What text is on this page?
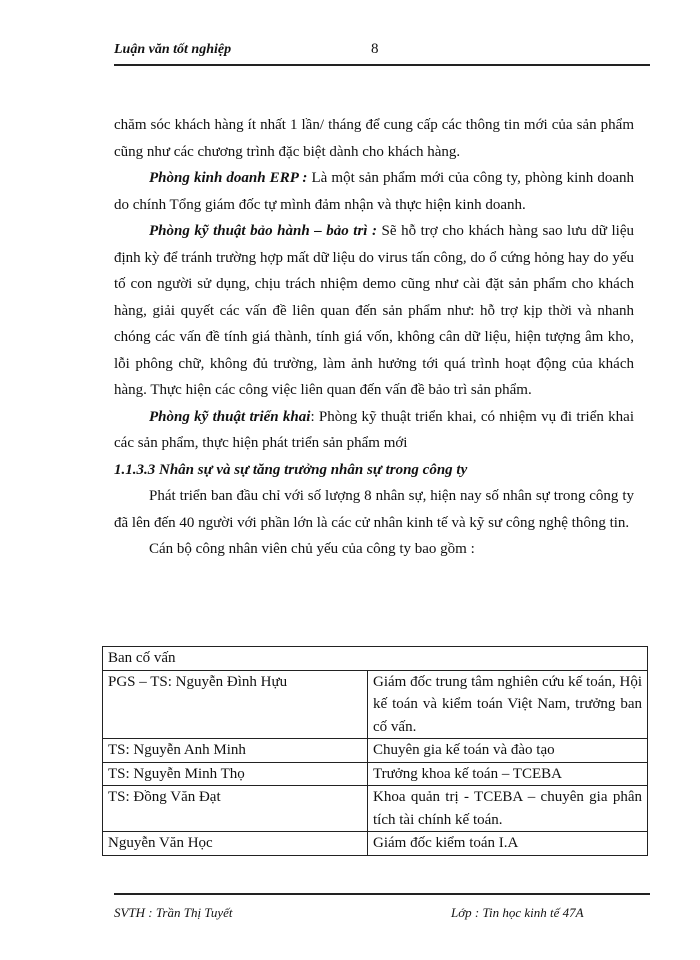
Luận văn tốt nghiệp	8

chăm sóc khách hàng ít nhất 1 lần/ tháng để cung cấp các thông tin mới của sản phẩm cũng như các chương trình đặc biệt dành cho khách hàng.

Phòng kinh doanh ERP : Là một sản phẩm mới của công ty, phòng kinh doanh do chính Tổng giám đốc tự mình đảm nhận và thực hiện kinh doanh.

Phòng kỹ thuật bảo hành – bảo trì : Sẽ hỗ trợ cho khách hàng sao lưu dữ liệu định kỳ để tránh trường hợp mất dữ liệu do virus tấn công, do ổ cứng hỏng hay do yếu tố con người sử dụng, chịu trách nhiệm demo cũng như cài đặt sản phẩm cho khách hàng, giải quyết các vấn đề liên quan đến sản phẩm như: hỗ trợ kịp thời và nhanh chóng các vấn đề tính giá thành, tính giá vốn, không cân dữ liệu, hiện tượng âm kho, lỗi phông chữ, không đủ trường, làm ảnh hưởng tới quá trình hoạt động của khách hàng. Thực hiện các công việc liên quan đến vấn đề bảo trì sản phẩm.

Phòng kỹ thuật triển khai: Phòng kỹ thuật triển khai, có nhiệm vụ đi triển khai các sản phẩm, thực hiện phát triển sản phẩm mới

1.1.3.3 Nhân sự và sự tăng trưởng nhân sự trong công ty

Phát triển ban đầu chỉ với số lượng 8 nhân sự, hiện nay số nhân sự trong công ty đã lên đến 40 người với phần lớn là các cử nhân kinh tế và kỹ sư công nghệ thông tin.

Cán bộ công nhân viên chủ yếu của công ty bao gồm :

Ban cố vấn	
PGS – TS: Nguyễn Đình Hựu	Giám đốc trung tâm nghiên cứu kế toán, Hội kế toán và kiểm toán Việt Nam, trưởng ban cố vấn.
TS: Nguyễn Anh Minh	Chuyên gia kế toán và đào tạo
TS: Nguyễn Minh Thọ	Trưởng khoa kế toán – TCEBA
TS: Đồng Văn Đạt	Khoa quản trị - TCEBA – chuyên gia phân tích tài chính kế toán.
Nguyễn Văn Học	Giám đốc kiểm toán I.A
SVTH : Trần Thị Tuyết	Lớp : Tin học kinh tế 47A
